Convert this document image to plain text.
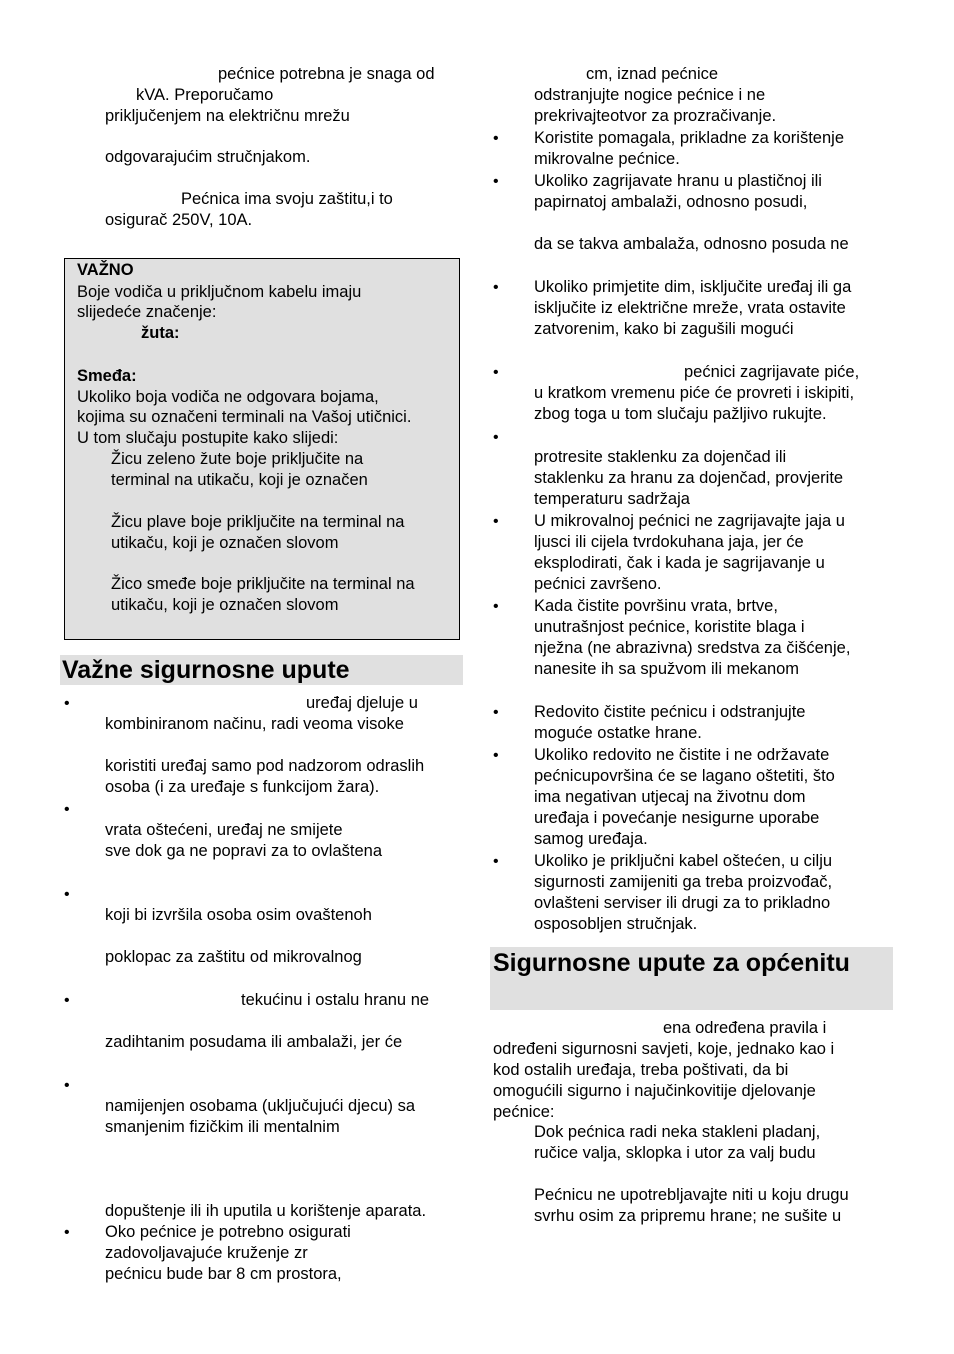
pećnice potrebna je snaga od
kVA. Preporučamo
priključenjem na električnu mrežu
odgovarajućim stručnjakom.
Pećnica ima svoju zaštitu,i to
osigurač 250V, 10A.
VAŽNO
Boje vodiča u priključnom kabelu imaju
slijedeće značenje:
žuta:
Smeđa:
Ukoliko boja vodiča ne odgovara bojama,
kojima su označeni terminali na Vašoj utičnici.
U tom slučaju postupite kako slijedi:
Žicu zeleno žute boje priključite na
terminal na utikaču, koji je označen
Žicu plave boje priključite na terminal na
utikaču, koji je označen slovom
Žico smeđe boje priključite na terminal na
utikaču, koji je označen slovom
Važne sigurnosne upute
•	uređaj djeluje u
kombiniranom načinu, radi veoma visoke
koristiti uređaj samo pod nadzorom odraslih
osoba (i za uređaje s funkcijom žara).
•
vrata oštećeni, uređaj ne smijete
sve dok ga ne popravi za to ovlaštena
•
koji bi izvršila osoba osim ovaštenoh
poklopac za zaštitu od mikrovalnog
•	tekućinu i ostalu hranu ne
zadihtanim posudama ili ambalaži, jer će
•
namijenjen osobama (uključujući djecu) sa
smanjenim fizičkim ili mentalnim
dopuštenje ili ih uputila u korištenje aparata.
• Oko pećnice je potrebno osigurati
zadovoljavajuće kruženje zr
pećnicu bude bar 8 cm prostora,
cm, iznad pećnice
odstranjujte nogice pećnice i ne
prekrivajteotvor za prozračivanje.
• Koristite pomagala, prikladne za korištenje
mikrovalne pećnice.
• Ukoliko zagrijavate hranu u plastičnoj ili
papirnatoj ambalaži, odnosno posudi,
da se takva ambalaža, odnosno posuda ne
• Ukoliko primjetite dim, isključite uređaj ili ga
isključite iz električne mreže, vrata ostavite
zatvorenim, kako bi zagušili mogući
•	pećnici zagrijavate piće,
u kratkom vremenu piće će provreti i iskipiti,
zbog toga u tom slučaju pažljivo rukujte.
•
protresite staklenku za dojenčad ili
staklenku za hranu za dojenčad, provjerite
temperaturu sadržaja
• U mikrovalnoj pećnici ne zagrijavajte jaja u
ljusci ili cijela tvrdokuhana jaja, jer će
eksplodirati, čak i kada je sagrijavanje u
pećnici završeno.
• Kada čistite površinu vrata, brtve,
unutrašnjost pećnice, koristite blaga i
nježna (ne abrazivna) sredstva za čišćenje,
nanesite ih sa spužvom ili mekanom
• Redovito čistite pećnicu i odstranjujte
moguće ostatke hrane.
• Ukoliko redovito ne čistite i ne održavate
pećnicupovršina će se lagano oštetiti, što
ima negativan utjecaj na životnu dom
uređaja i povećanje nesigurne uporabe
samog uređaja.
• Ukoliko je priključni kabel oštećen, u cilju
sigurnosti zamijeniti ga treba proizvođač,
ovlašteni serviser ili drugi za to prikladno
osposobljen stručnjak.
Sigurnosne upute za općenitu
ena određena pravila i
određeni sigurnosni savjeti, koje, jednako kao i
kod ostalih uređaja, treba poštivati, da bi
omogućili sigurno i najučinkovitije djelovanje
pećnice:
Dok pećnica radi neka stakleni pladanj,
ručice valja, sklopka i utor za valj budu
Pećnicu ne upotrebljavajte niti u koju drugu
svrhu osim za pripremu hrane; ne sušite u
